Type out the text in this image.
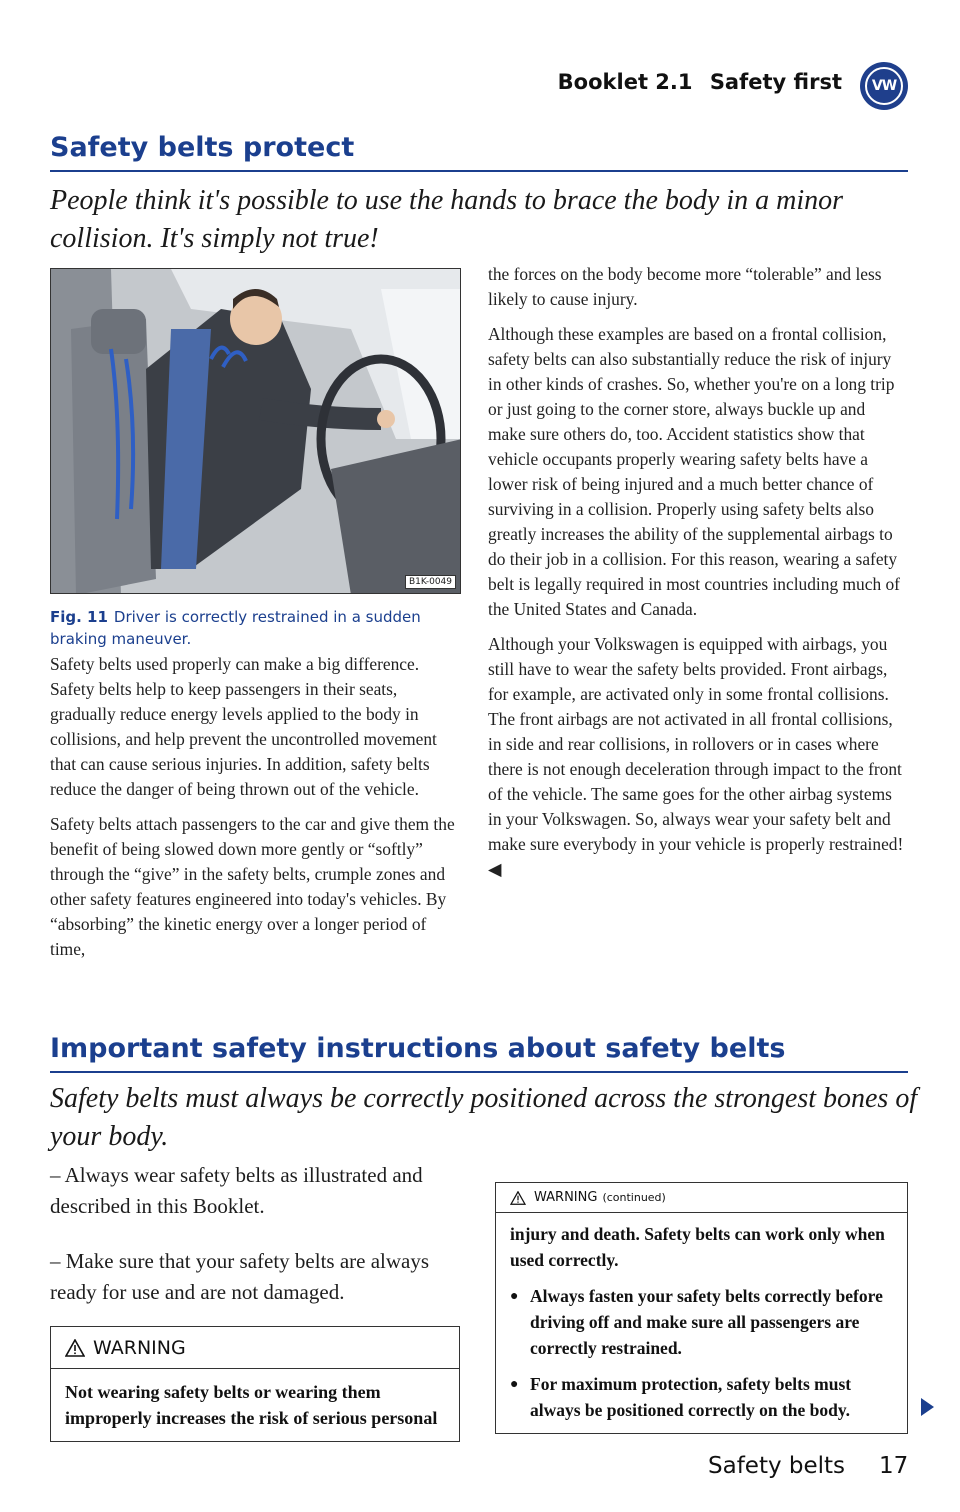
Booklet 2.1 Safety first	VW
Safety belts protect
People think it's possible to use the hands to brace the body in a minor collision. It's simply not true!
B1K-0049
Fig. 11 Driver is correctly restrained in a sudden braking maneuver.

Safety belts used properly can make a big difference. Safety belts help to keep passengers in their seats, gradually reduce energy levels applied to the body in collisions, and help prevent the uncontrolled movement that can cause serious injuries. In addition, safety belts reduce the danger of being thrown out of the vehicle.

Safety belts attach passengers to the car and give them the benefit of being slowed down more gently or “softly” through the “give” in the safety belts, crumple zones and other safety features engineered into today's vehicles. By “absorbing” the kinetic energy over a longer period of time,

the forces on the body become more “tolerable” and less likely to cause injury.

Although these examples are based on a frontal collision, safety belts can also substantially reduce the risk of injury in other kinds of crashes. So, whether you're on a long trip or just going to the corner store, always buckle up and make sure others do, too. Accident statistics show that vehicle occupants properly wearing safety belts have a lower risk of being injured and a much better chance of surviving in a collision. Properly using safety belts also greatly increases the ability of the supplemental airbags to do their job in a collision. For this reason, wearing a safety belt is legally required in most countries including much of the United States and Canada.

Although your Volkswagen is equipped with airbags, you still have to wear the safety belts provided. Front airbags, for example, are activated only in some frontal collisions. The front airbags are not activated in all frontal collisions, in side and rear collisions, in rollovers or in cases where there is not enough deceleration through impact to the front of the vehicle. The same goes for the other airbag systems in your Volkswagen. So, always wear your safety belt and make sure everybody in your vehicle is properly restrained! ◀

Important safety instructions about safety belts
Safety belts must always be correctly positioned across the strongest bones of your body.
– Always wear safety belts as illustrated and described in this Booklet.
– Make sure that your safety belts are always ready for use and are not damaged.
WARNING
Not wearing safety belts or wearing them improperly increases the risk of serious personal
WARNING (continued)

injury and death. Safety belts can work only when used correctly.

● Always fasten your safety belts correctly before driving off and make sure all passengers are correctly restrained.
● For maximum protection, safety belts must always be positioned correctly on the body.
Safety belts 17
